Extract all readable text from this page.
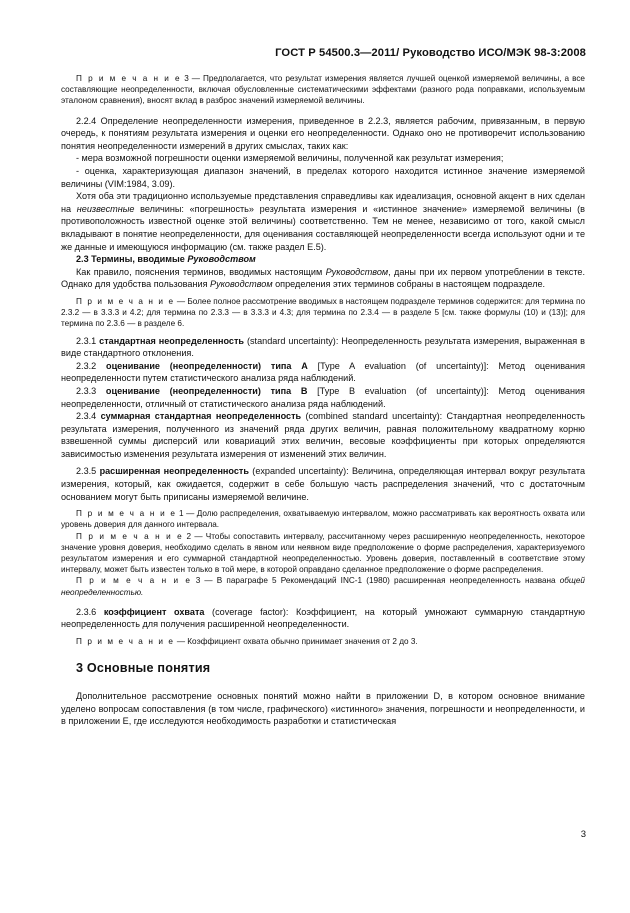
ГОСТ Р 54500.3—2011/ Руководство ИСО/МЭК 98-3:2008

П р и м е ч а н и е 3 — Предполагается, что результат измерения является лучшей оценкой измеряемой величины, а все составляющие неопределенности, включая обусловленные систематическими эффектами (разного рода поправками, используемым эталоном сравнения), вносят вклад в разброс значений измеряемой величины.

2.2.4 Определение неопределенности измерения, приведенное в 2.2.3, является рабочим, привязанным, в первую очередь, к понятиям результата измерения и оценки его неопределенности. Однако оно не противоречит использованию понятия неопределенности измерений в других смыслах, таких как:

- мера возможной погрешности оценки измеряемой величины, полученной как результат измерения;

- оценка, характеризующая диапазон значений, в пределах которого находится истинное значение измеряемой величины (VIM:1984, 3.09).

Хотя оба эти традиционно используемые представления справедливы как идеализация, основной акцент в них сделан на неизвестные величины: «погрешность» результата измерения и «истинное значение» измеряемой величины (в противоположность известной оценке этой величины) соответственно. Тем не менее, независимо от того, какой смысл вкладывают в понятие неопределенности, для оценивания составляющей неопределенности всегда используют одни и те же данные и имеющуюся информацию (см. также раздел E.5).

2.3 Термины, вводимые Руководством

Как правило, пояснения терминов, вводимых настоящим Руководством, даны при их первом употреблении в тексте. Однако для удобства пользования Руководством определения этих терминов собраны в настоящем подразделе.

П р и м е ч а н и е — Более полное рассмотрение вводимых в настоящем подразделе терминов содержится: для термина по 2.3.2 — в 3.3.3 и 4.2; для термина по 2.3.3 — в 3.3.3 и 4.3; для термина по 2.3.4 — в разделе 5 [см. также формулы (10) и (13)]; для термина по 2.3.6 — в разделе 6.

2.3.1 стандартная неопределенность (standard uncertainty): Неопределенность результата измерения, выраженная в виде стандартного отклонения.

2.3.2 оценивание (неопределенности) типа A [Type A evaluation (of uncertainty)]: Метод оценивания неопределенности путем статистического анализа ряда наблюдений.

2.3.3 оценивание (неопределенности) типа B [Type B evaluation (of uncertainty)]: Метод оценивания неопределенности, отличный от статистического анализа ряда наблюдений.

2.3.4 суммарная стандартная неопределенность (combined standard uncertainty): Стандартная неопределенность результата измерения, полученного из значений ряда других величин, равная положительному квадратному корню взвешенной суммы дисперсий или ковариаций этих величин, весовые коэффициенты при которых определяются зависимостью изменения результата измерения от изменений этих величин.

2.3.5 расширенная неопределенность (expanded uncertainty): Величина, определяющая интервал вокруг результата измерения, который, как ожидается, содержит в себе большую часть распределения значений, что с достаточным основанием могут быть приписаны измеряемой величине.

П р и м е ч а н и е 1 — Долю распределения, охватываемую интервалом, можно рассматривать как вероятность охвата или уровень доверия для данного интервала.

П р и м е ч а н и е 2 — Чтобы сопоставить интервалу, рассчитанному через расширенную неопределенность, некоторое значение уровня доверия, необходимо сделать в явном или неявном виде предположение о форме распределения, характеризуемого результатом измерения и его суммарной стандартной неопределенностью. Уровень доверия, поставленный в соответствие этому интервалу, может быть известен только в той мере, в которой оправдано сделанное предположение о форме распределения.

П р и м е ч а н и е 3 — В параграфе 5 Рекомендаций INC-1 (1980) расширенная неопределенность названа общей неопределенностью.

2.3.6 коэффициент охвата (coverage factor): Коэффициент, на который умножают суммарную стандартную неопределенность для получения расширенной неопределенности.

П р и м е ч а н и е — Коэффициент охвата обычно принимает значения от 2 до 3.

3 Основные понятия

Дополнительное рассмотрение основных понятий можно найти в приложении D, в котором основное внимание уделено вопросам сопоставления (в том числе, графического) «истинного» значения, погрешности и неопределенности, и в приложении E, где исследуются необходимость разработки и статистическая

3
